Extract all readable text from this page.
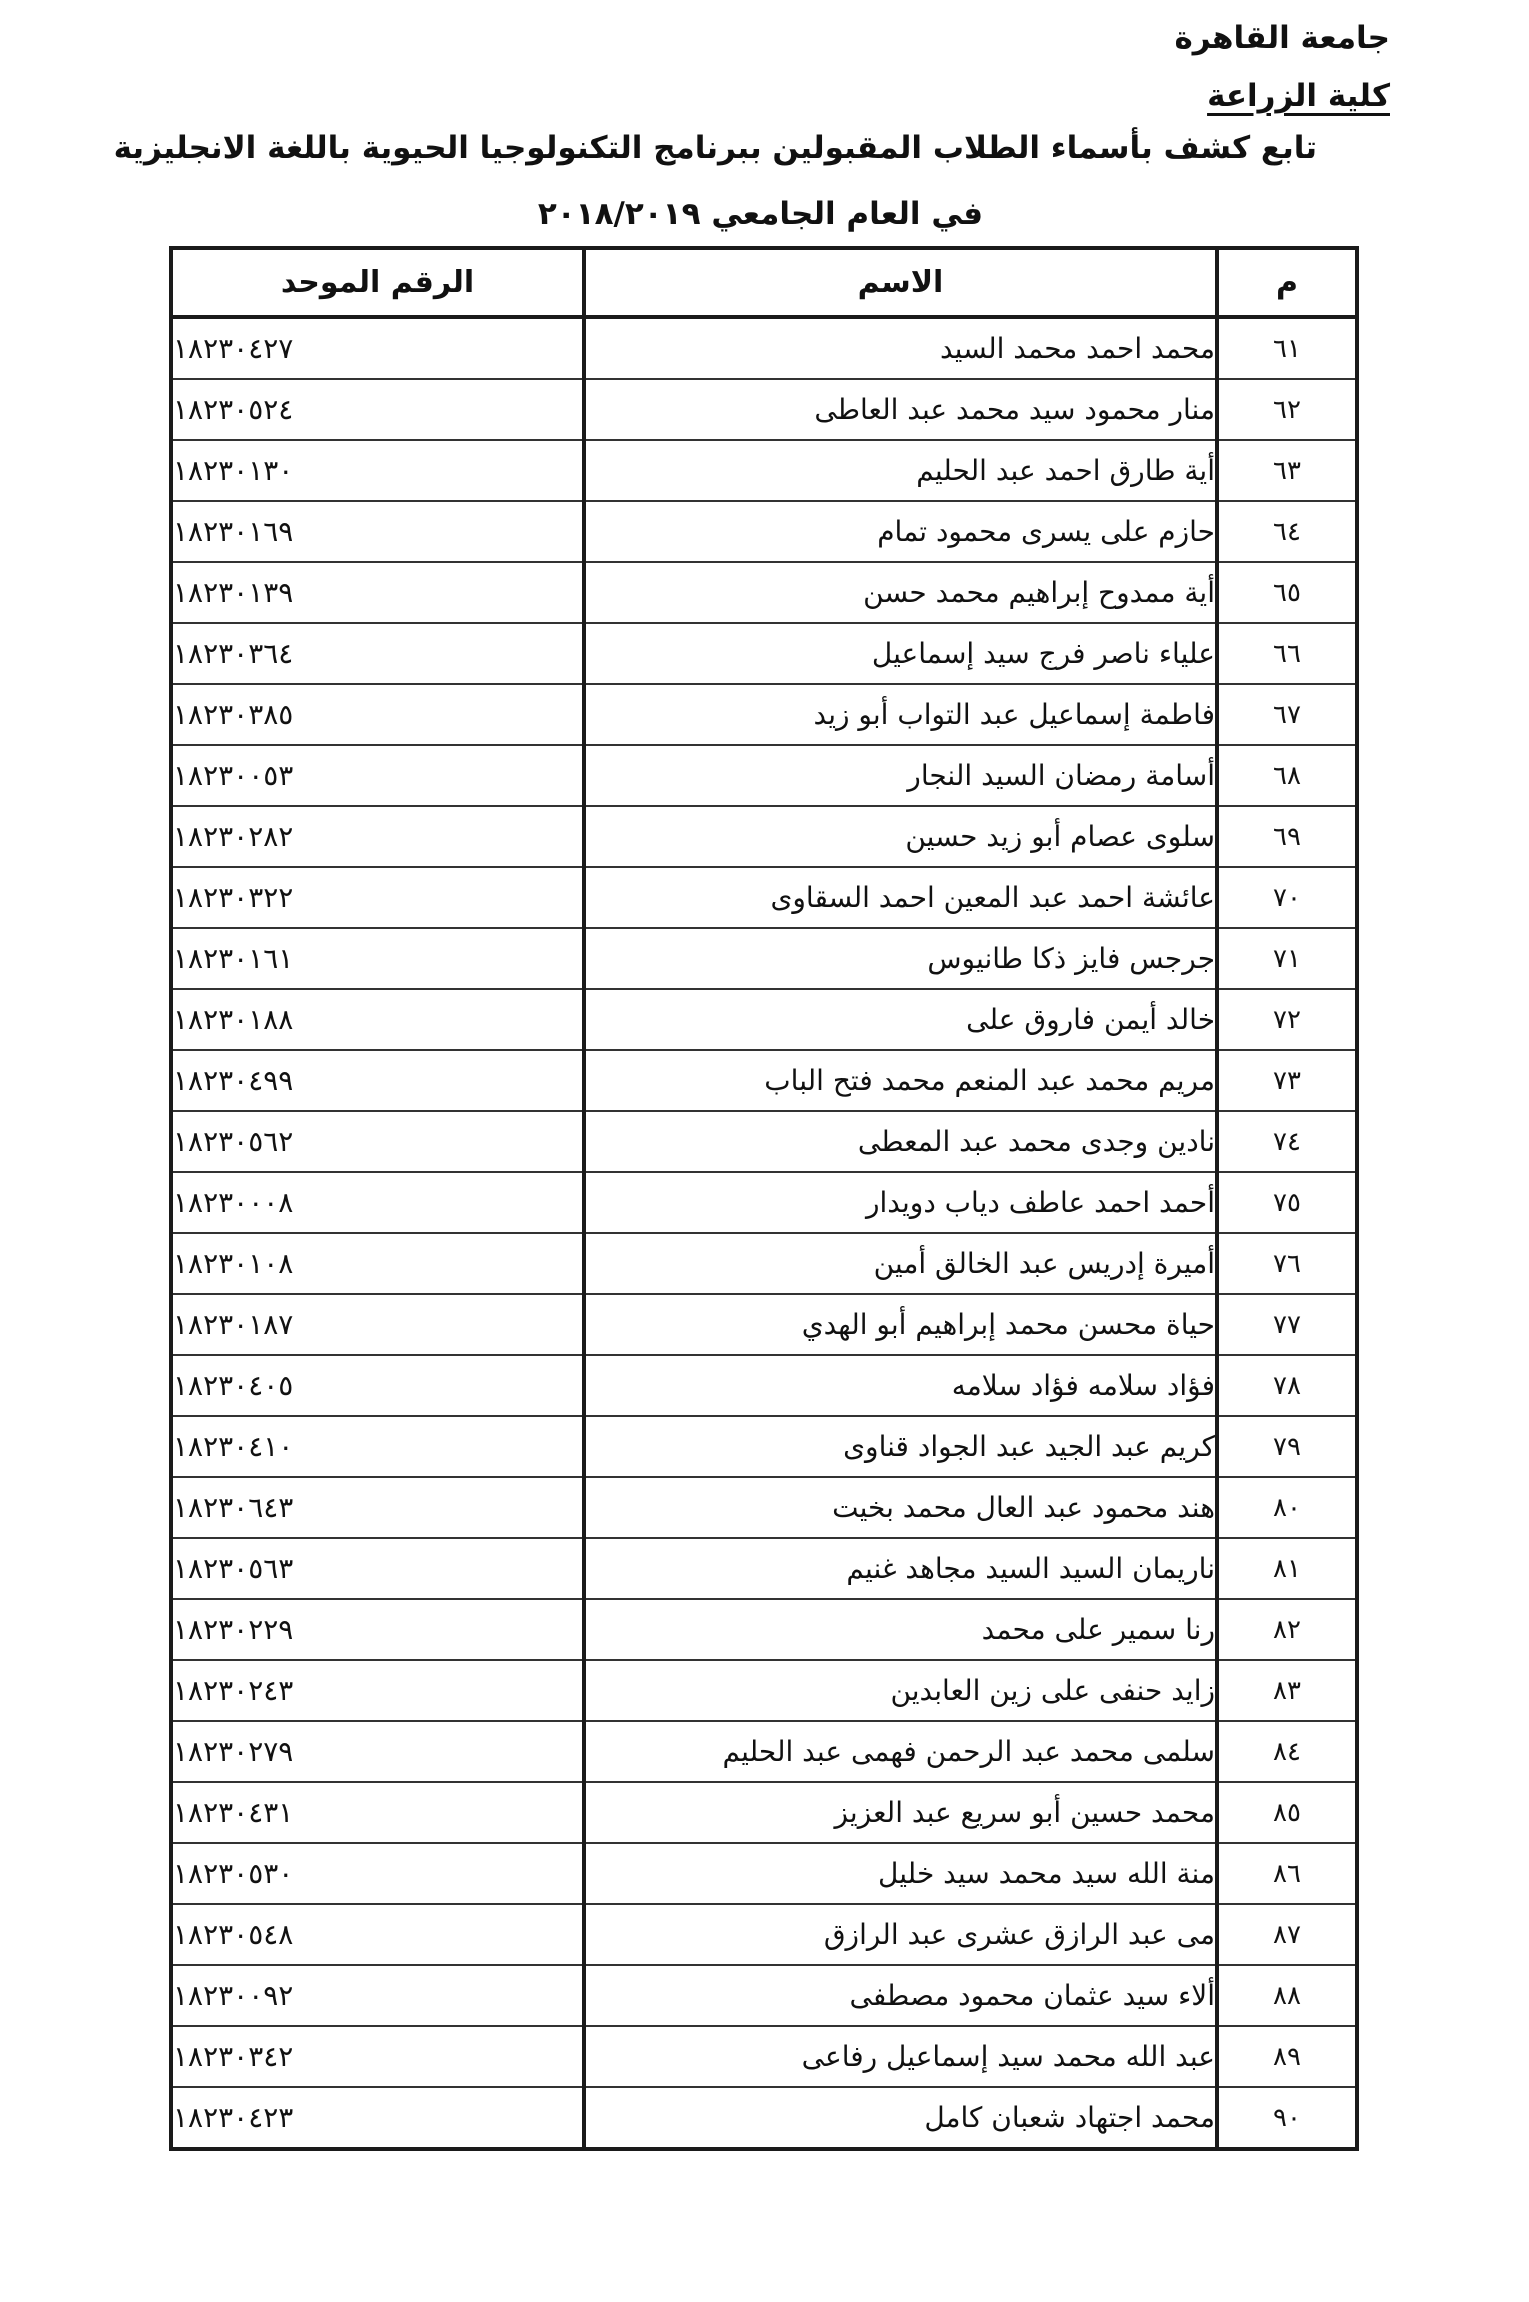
جامعة القاهرة
كلية الزراعة
تابع كشف بأسماء الطلاب المقبولين ببرنامج التكنولوجيا الحيوية باللغة الانجليزية
في العام الجامعي ٢٠١٨/٢٠١٩
م	الاسم	الرقم الموحد
٦١	محمد احمد محمد السيد	١٨٢٣٠٤٢٧
٦٢	منار محمود سيد محمد عبد العاطى	١٨٢٣٠٥٢٤
٦٣	أية طارق احمد عبد الحليم	١٨٢٣٠١٣٠
٦٤	حازم على يسرى محمود تمام	١٨٢٣٠١٦٩
٦٥	أية ممدوح إبراهيم محمد حسن	١٨٢٣٠١٣٩
٦٦	علياء ناصر فرج سيد إسماعيل	١٨٢٣٠٣٦٤
٦٧	فاطمة إسماعيل عبد التواب أبو زيد	١٨٢٣٠٣٨٥
٦٨	أسامة رمضان السيد النجار	١٨٢٣٠٠٥٣
٦٩	سلوى عصام أبو زيد حسين	١٨٢٣٠٢٨٢
٧٠	عائشة احمد عبد المعين احمد السقاوى	١٨٢٣٠٣٢٢
٧١	جرجس فايز ذكا طانيوس	١٨٢٣٠١٦١
٧٢	خالد أيمن فاروق على	١٨٢٣٠١٨٨
٧٣	مريم محمد عبد المنعم محمد فتح الباب	١٨٢٣٠٤٩٩
٧٤	نادين وجدى محمد عبد المعطى	١٨٢٣٠٥٦٢
٧٥	أحمد احمد عاطف دياب دويدار	١٨٢٣٠٠٠٨
٧٦	أميرة إدريس عبد الخالق أمين	١٨٢٣٠١٠٨
٧٧	حياة محسن محمد إبراهيم أبو الهدي	١٨٢٣٠١٨٧
٧٨	فؤاد سلامه فؤاد سلامه	١٨٢٣٠٤٠٥
٧٩	كريم عبد الجيد عبد الجواد قناوى	١٨٢٣٠٤١٠
٨٠	هند محمود عبد العال محمد بخيت	١٨٢٣٠٦٤٣
٨١	ناريمان السيد السيد مجاهد غنيم	١٨٢٣٠٥٦٣
٨٢	رنا سمير على محمد	١٨٢٣٠٢٢٩
٨٣	زايد حنفى على زين العابدين	١٨٢٣٠٢٤٣
٨٤	سلمى محمد عبد الرحمن فهمى عبد الحليم	١٨٢٣٠٢٧٩
٨٥	محمد حسين أبو سريع عبد العزيز	١٨٢٣٠٤٣١
٨٦	منة الله سيد محمد سيد خليل	١٨٢٣٠٥٣٠
٨٧	مى عبد الرازق عشرى عبد الرازق	١٨٢٣٠٥٤٨
٨٨	ألاء سيد عثمان محمود مصطفى	١٨٢٣٠٠٩٢
٨٩	عبد الله محمد سيد إسماعيل رفاعى	١٨٢٣٠٣٤٢
٩٠	محمد اجتهاد شعبان كامل	١٨٢٣٠٤٢٣
